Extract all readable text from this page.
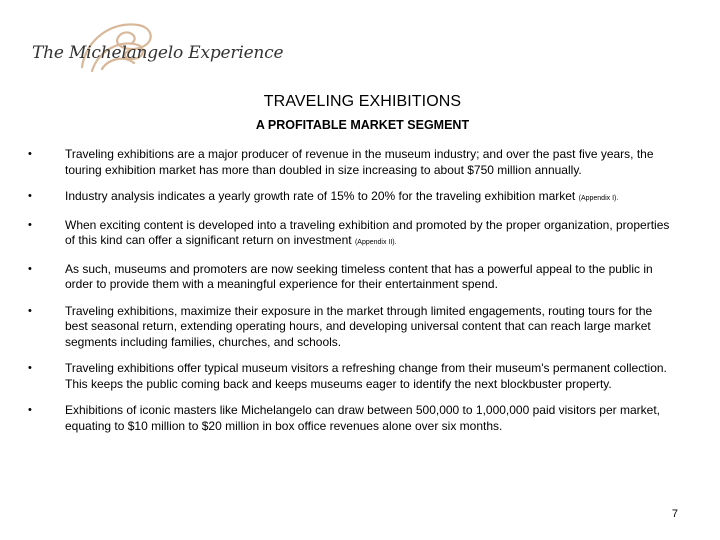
The Michelangelo Experience
TRAVELING EXHIBITIONS
A PROFITABLE MARKET SEGMENT
•	Traveling exhibitions are a major producer of revenue in the museum industry; and over the past five years, the touring exhibition market has more than doubled in size increasing to about $750 million annually.
•	Industry analysis indicates a yearly growth rate of 15% to 20% for the traveling exhibition market (Appendix I).
•	When exciting content is developed into a traveling exhibition and promoted by the proper organization, properties of this kind can offer a significant return on investment (Appendix II).
•	As such, museums and promoters are now seeking timeless content that has a powerful appeal to the public in order to provide them with a meaningful experience for their entertainment spend.
•	Traveling exhibitions, maximize their exposure in the market through limited engagements, routing tours for the best seasonal return, extending operating hours, and developing universal content that can reach large market segments including families, churches, and schools.
•	Traveling exhibitions offer typical museum visitors a refreshing change from their museum's permanent collection. This keeps the public coming back and keeps museums eager to identify the next blockbuster property.
•	Exhibitions of iconic masters like Michelangelo can draw between 500,000 to 1,000,000 paid visitors per market, equating to $10 million to $20 million in box office revenues alone over six months.
7
